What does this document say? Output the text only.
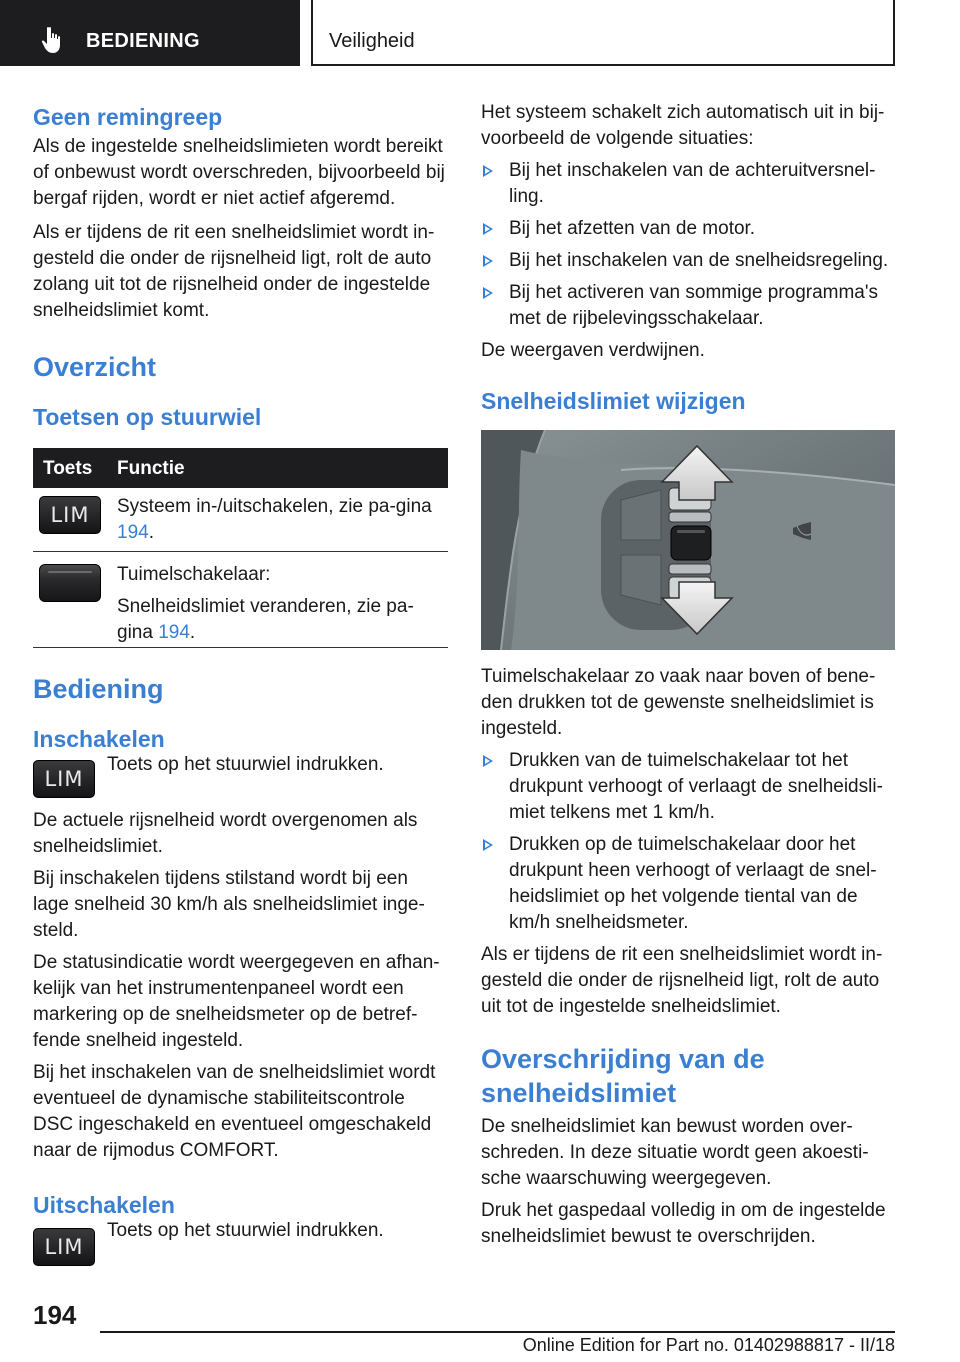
BEDIENING	Veiligheid
Geen remingreep

Als de ingestelde snelheidslimieten wordt bereikt of onbewust wordt overschreden, bijvoorbeeld bij bergaf rijden, wordt er niet actief afgeremd.

Als er tijdens de rit een snelheidslimiet wordt in-gesteld die onder de rijsnelheid ligt, rolt de auto zolang uit tot de rijsnelheid onder de ingestelde snelheidslimiet komt.

Overzicht
Toetsen op stuurwiel
Toets Functie
LIM Systeem in-/uitschakelen, zie pa-gina 194.

Tuimelschakelaar:

Snelheidslimiet veranderen, zie pa-gina 194.

Bediening
Inschakelen
LIM

Toets op het stuurwiel indrukken.

De actuele rijsnelheid wordt overgenomen als snelheidslimiet.

Bij inschakelen tijdens stilstand wordt bij een lage snelheid 30 km/h als snelheidslimiet inge-steld.

De statusindicatie wordt weergegeven en afhan-kelijk van het instrumentenpaneel wordt een markering op de snelheidsmeter op de betref-fende snelheid ingesteld.

Bij het inschakelen van de snelheidslimiet wordt eventueel de dynamische stabiliteitscontrole DSC ingeschakeld en eventueel omgeschakeld naar de rijmodus COMFORT.

Uitschakelen
LIM

Toets op het stuurwiel indrukken.

Het systeem schakelt zich automatisch uit in bij-voorbeeld de volgende situaties:

Bij het inschakelen van de achteruitversnel-ling.
Bij het afzetten van de motor.
Bij het inschakelen van de snelheidsregeling.
Bij het activeren van sommige programma's met de rijbelevingsschakelaar.

De weergaven verdwijnen.

Snelheidslimiet wijzigen

Tuimelschakelaar zo vaak naar boven of bene-den drukken tot de gewenste snelheidslimiet is ingesteld.

Drukken van de tuimelschakelaar tot het drukpunt verhoogt of verlaagt de snelheidsli-miet telkens met 1 km/h.
Drukken op de tuimelschakelaar door het drukpunt heen verhoogt of verlaagt de snel-heidslimiet op het volgende tiental van de km/h snelheidsmeter.

Als er tijdens de rit een snelheidslimiet wordt in-gesteld die onder de rijsnelheid ligt, rolt de auto uit tot de ingestelde snelheidslimiet.

Overschrijding van de snelheidslimiet

De snelheidslimiet kan bewust worden over-schreden. In deze situatie wordt geen akoesti-sche waarschuwing weergegeven.

Druk het gaspedaal volledig in om de ingestelde snelheidslimiet bewust te overschrijden.

194
Online Edition for Part no. 01402988817 - II/18
